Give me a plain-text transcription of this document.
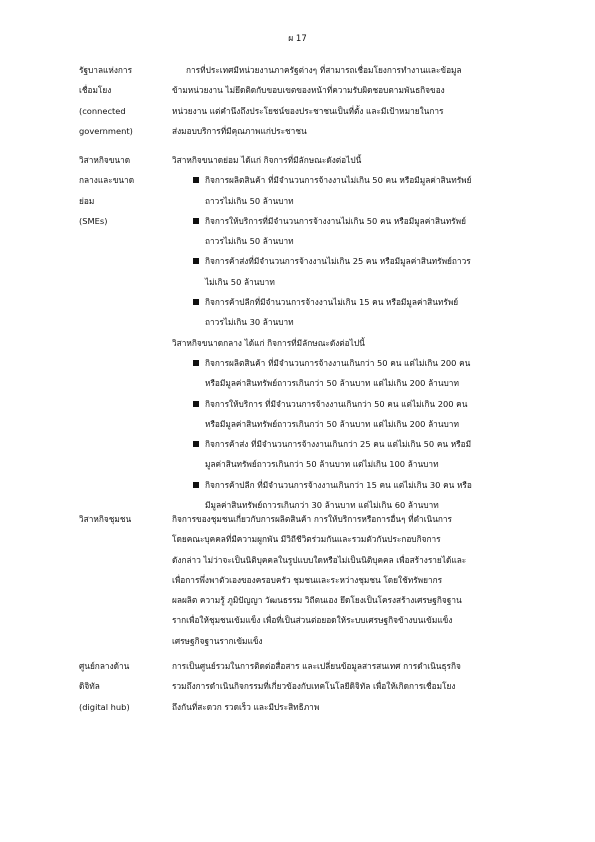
ผ 17
รัฐบาลแห่งการ
เชื่อมโยง
(connected
government)
การที่ประเทศมีหน่วยงานภาครัฐต่างๆ ที่สามารถเชื่อมโยงการทำงานและข้อมูล
ข้ามหน่วยงาน ไม่ยึดติดกับขอบเขตของหน้าที่ความรับผิดชอบตามพันธกิจของ
หน่วยงาน แต่คำนึงถึงประโยชน์ของประชาชนเป็นที่ตั้ง และมีเป้าหมายในการ
ส่งมอบบริการที่มีคุณภาพแก่ประชาชน
วิสาหกิจขนาด
กลางและขนาด
ย่อม
(SMEs)
วิสาหกิจขนาดย่อม ได้แก่ กิจการที่มีลักษณะดังต่อไปนี้
กิจการผลิตสินค้า ที่มีจำนวนการจ้างงานไม่เกิน 50 คน หรือมีมูลค่าสินทรัพย์
ถาวรไม่เกิน 50 ล้านบาท
กิจการให้บริการที่มีจำนวนการจ้างงานไม่เกิน 50 คน หรือมีมูลค่าสินทรัพย์
ถาวรไม่เกิน 50 ล้านบาท
กิจการค้าส่งที่มีจำนวนการจ้างงานไม่เกิน 25 คน หรือมีมูลค่าสินทรัพย์ถาวร
ไม่เกิน 50 ล้านบาท
กิจการค้าปลีกที่มีจำนวนการจ้างงานไม่เกิน 15 คน หรือมีมูลค่าสินทรัพย์
ถาวรไม่เกิน 30 ล้านบาท
วิสาหกิจขนาดกลาง ได้แก่ กิจการที่มีลักษณะดังต่อไปนี้
กิจการผลิตสินค้า ที่มีจำนวนการจ้างงานเกินกว่า 50 คน แต่ไม่เกิน 200 คน
หรือมีมูลค่าสินทรัพย์ถาวรเกินกว่า 50 ล้านบาท แต่ไม่เกิน 200 ล้านบาท
กิจการให้บริการ ที่มีจำนวนการจ้างงานเกินกว่า 50 คน แต่ไม่เกิน 200 คน
หรือมีมูลค่าสินทรัพย์ถาวรเกินกว่า 50 ล้านบาท แต่ไม่เกิน 200 ล้านบาท
กิจการค้าส่ง ที่มีจำนวนการจ้างงานเกินกว่า 25 คน แต่ไม่เกิน 50 คน หรือมี
มูลค่าสินทรัพย์ถาวรเกินกว่า 50 ล้านบาท แต่ไม่เกิน 100 ล้านบาท
กิจการค้าปลีก ที่มีจำนวนการจ้างงานเกินกว่า 15 คน แต่ไม่เกิน 30 คน หรือ
มีมูลค่าสินทรัพย์ถาวรเกินกว่า 30 ล้านบาท แต่ไม่เกิน 60 ล้านบาท
วิสาหกิจชุมชน	กิจการของชุมชนเกี่ยวกับการผลิตสินค้า การให้บริการหรือการอื่นๆ ที่ดำเนินการ
โดยคณะบุคคลที่มีความผูกพัน มีวิถีชีวิตร่วมกันและรวมตัวกันประกอบกิจการ
ดังกล่าว ไม่ว่าจะเป็นนิติบุคคลในรูปแบบใดหรือไม่เป็นนิติบุคคล เพื่อสร้างรายได้และ
เพื่อการพึ่งพาตัวเองของครอบครัว ชุมชนและระหว่างชุมชน โดยใช้ทรัพยากร
ผลผลิต ความรู้ ภูมิปัญญา วัฒนธรรม วิถีตนเอง ยึดโยงเป็นโครงสร้างเศรษฐกิจฐาน
รากเพื่อให้ชุมชนเข้มแข็ง เพื่อที่เป็นส่วนต่อยอดให้ระบบเศรษฐกิจข้างบนเข้มแข็ง
เศรษฐกิจฐานรากเข้มแข็ง
ศูนย์กลางด้าน
ดิจิทัล
(digital hub)
การเป็นศูนย์รวมในการติดต่อสื่อสาร และเปลี่ยนข้อมูลสารสนเทศ การดำเนินธุรกิจ
รวมถึงการดำเนินกิจกรรมที่เกี่ยวข้องกับเทคโนโลยีดิจิทัล เพื่อให้เกิดการเชื่อมโยง
ถึงกันที่สะดวก รวดเร็ว และมีประสิทธิภาพ
